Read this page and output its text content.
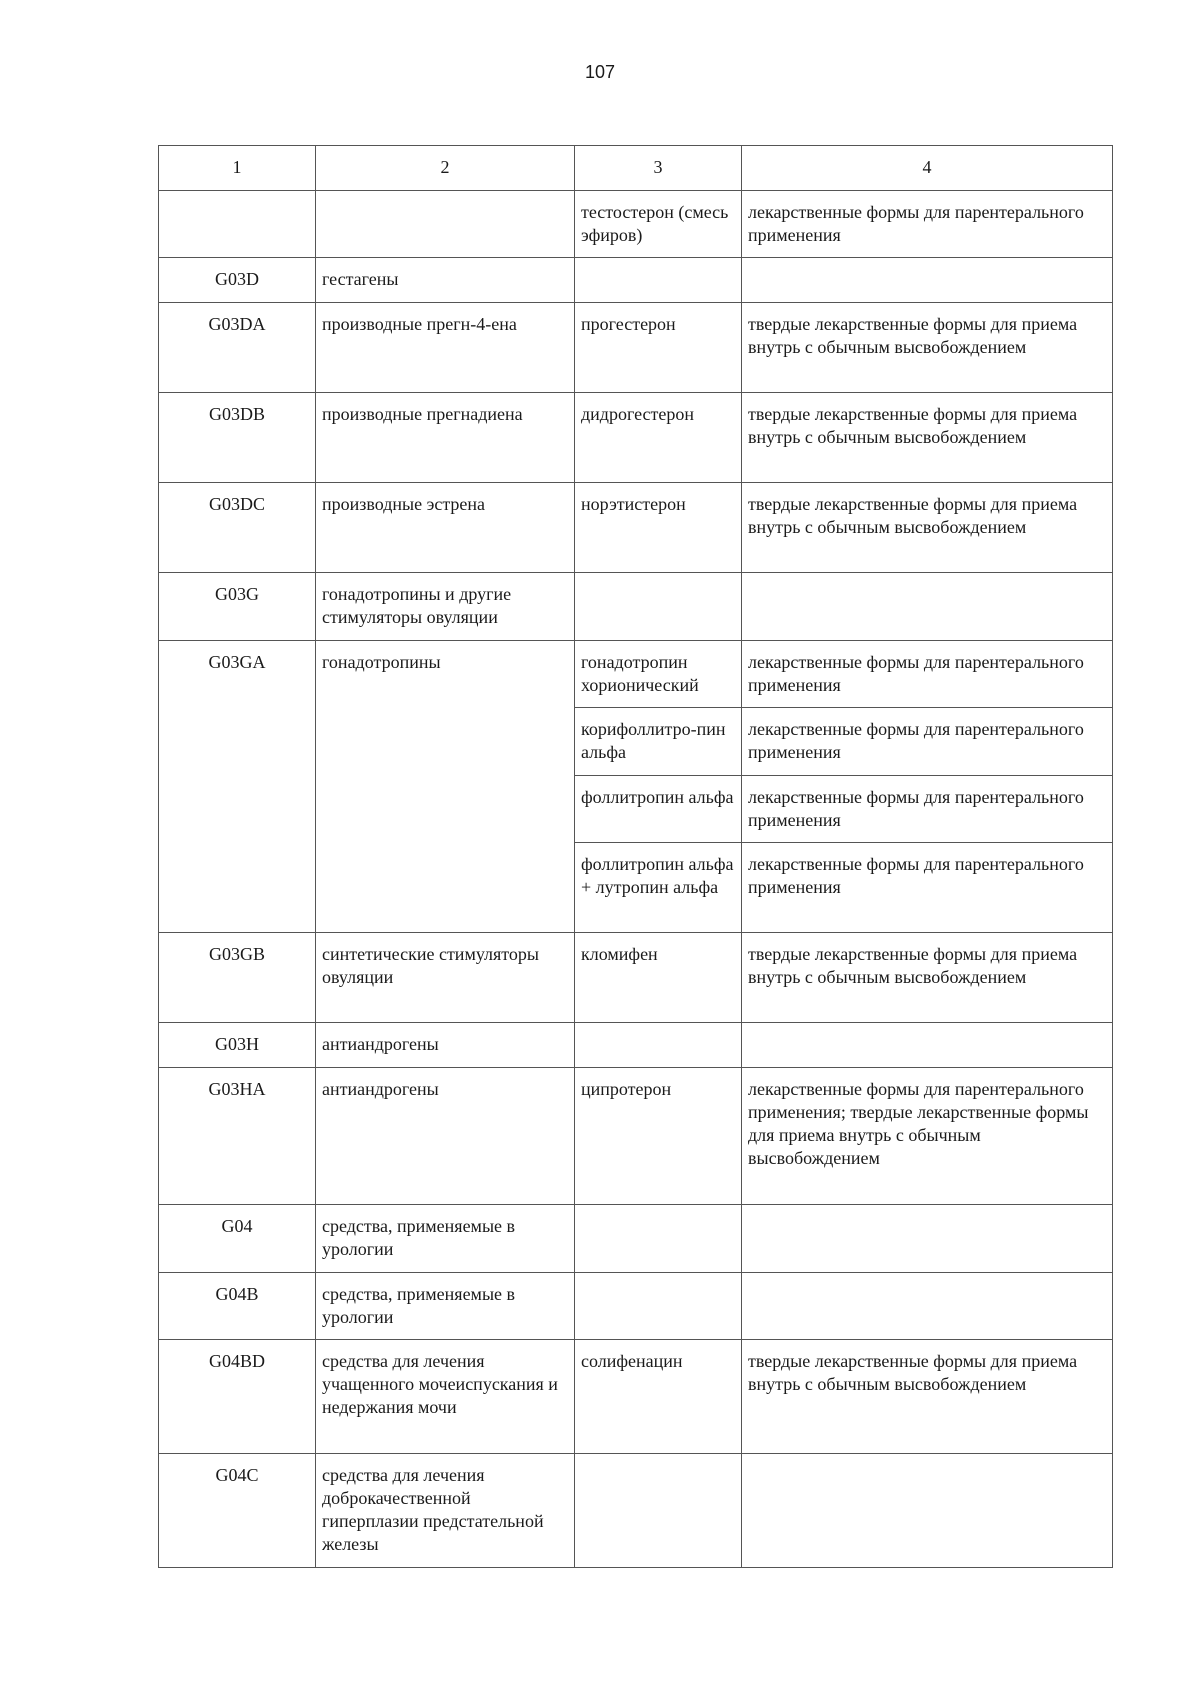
107
1	2	3	4
		тестостерон (смесь эфиров)	лекарственные формы для парентерального применения
G03D	гестагены		
G03DA	производные прегн-4-ена	прогестерон	твердые лекарственные формы для приема внутрь с обычным высвобождением
G03DB	производные прегнадиена	дидрогестерон	твердые лекарственные формы для приема внутрь с обычным высвобождением
G03DC	производные эстрена	норэтистерон	твердые лекарственные формы для приема внутрь с обычным высвобождением
G03G	гонадотропины и другие стимуляторы овуляции		
G03GA	гонадотропины	гонадотропин хорионический	лекарственные формы для парентерального применения
		корифоллитро-пин альфа	лекарственные формы для парентерального применения
		фоллитропин альфа	лекарственные формы для парентерального применения
		фоллитропин альфа + лутропин альфа	лекарственные формы для парентерального применения
G03GB	синтетические стимуляторы овуляции	кломифен	твердые лекарственные формы для приема внутрь с обычным высвобождением
G03H	антиандрогены		
G03HA	антиандрогены	ципротерон	лекарственные формы для парентерального применения; твердые лекарственные формы для приема внутрь с обычным высвобождением
G04	средства, применяемые в урологии		
G04B	средства, применяемые в урологии		
G04BD	средства для лечения учащенного мочеиспускания и недержания мочи	солифенацин	твердые лекарственные формы для приема внутрь с обычным высвобождением
G04C	средства для лечения доброкачественной гиперплазии предстательной железы		
